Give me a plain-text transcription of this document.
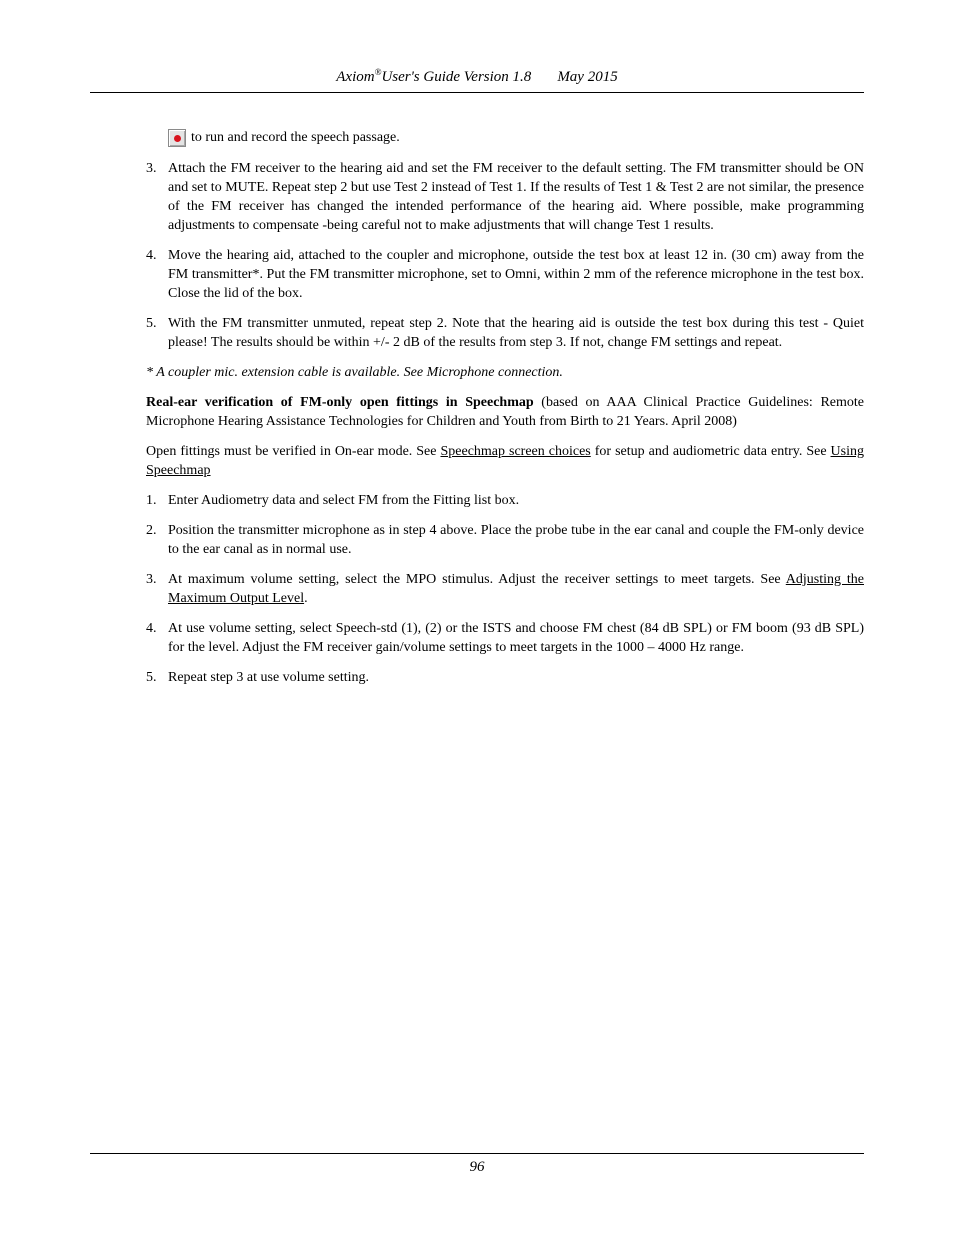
Axiom®User's Guide Version 1.8 May 2015
to run and record the speech passage.
3. Attach the FM receiver to the hearing aid and set the FM receiver to the default setting. The FM transmitter should be ON and set to MUTE. Repeat step 2 but use Test 2 instead of Test 1. If the results of Test 1 & Test 2 are not similar, the presence of the FM receiver has changed the intended performance of the hearing aid. Where possible, make programming adjustments to compensate -being careful not to make adjustments that will change Test 1 results.
4. Move the hearing aid, attached to the coupler and microphone, outside the test box at least 12 in. (30 cm) away from the FM transmitter*. Put the FM transmitter microphone, set to Omni, within 2 mm of the reference microphone in the test box. Close the lid of the box.
5. With the FM transmitter unmuted, repeat step 2. Note that the hearing aid is outside the test box during this test - Quiet please! The results should be within +/- 2 dB of the results from step 3. If not, change FM settings and repeat.

* A coupler mic. extension cable is available. See Microphone connection.

Real-ear verification of FM-only open fittings in Speechmap (based on AAA Clinical Practice Guidelines: Remote Microphone Hearing Assistance Technologies for Children and Youth from Birth to 21 Years. April 2008)

Open fittings must be verified in On-ear mode. See Speechmap screen choices for setup and audiometric data entry. See Using Speechmap

1. Enter Audiometry data and select FM from the Fitting list box.
2. Position the transmitter microphone as in step 4 above. Place the probe tube in the ear canal and couple the FM-only device to the ear canal as in normal use.
3. At maximum volume setting, select the MPO stimulus. Adjust the receiver settings to meet targets. See Adjusting the Maximum Output Level.
4. At use volume setting, select Speech-std (1), (2) or the ISTS and choose FM chest (84 dB SPL) or FM boom (93 dB SPL) for the level. Adjust the FM receiver gain/volume settings to meet targets in the 1000 – 4000 Hz range.
5. Repeat step 3 at use volume setting.
96
